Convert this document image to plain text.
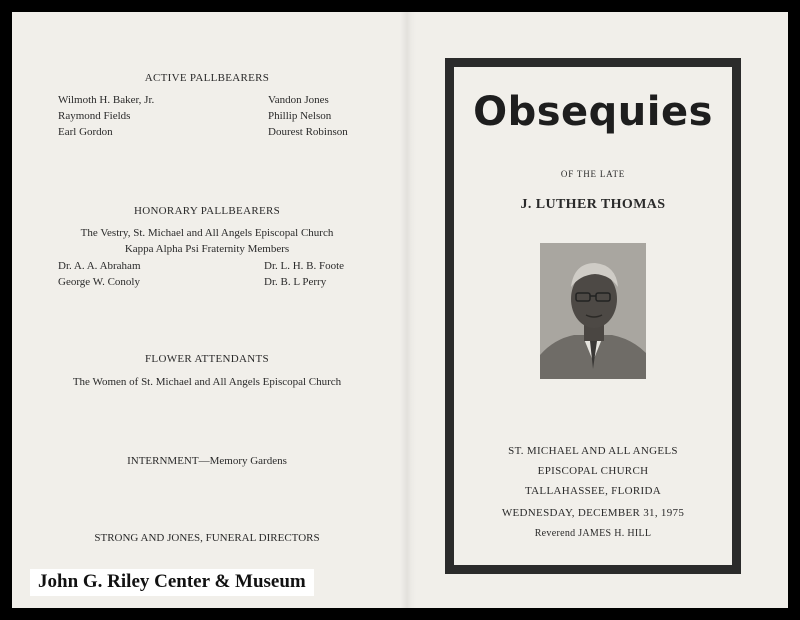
ACTIVE PALLBEARERS
Wilmoth H. Baker, Jr.
Raymond Fields
Earl Gordon
Vandon Jones
Phillip Nelson
Dourest Robinson
HONORARY PALLBEARERS
The Vestry, St. Michael and All Angels Episcopal Church
Kappa Alpha Psi Fraternity Members
Dr. A. A. Abraham
George W. Conoly
Dr. L. H. B. Foote
Dr. B. L Perry
FLOWER ATTENDANTS
The Women of St. Michael and All Angels Episcopal Church
INTERNMENT—Memory Gardens
STRONG AND JONES, FUNERAL DIRECTORS
Obsequies
OF THE LATE
J. LUTHER THOMAS
ST. MICHAEL AND ALL ANGELS
EPISCOPAL CHURCH
TALLAHASSEE, FLORIDA
WEDNESDAY, DECEMBER 31, 1975
Reverend JAMES H. HILL
John G. Riley Center & Museum
